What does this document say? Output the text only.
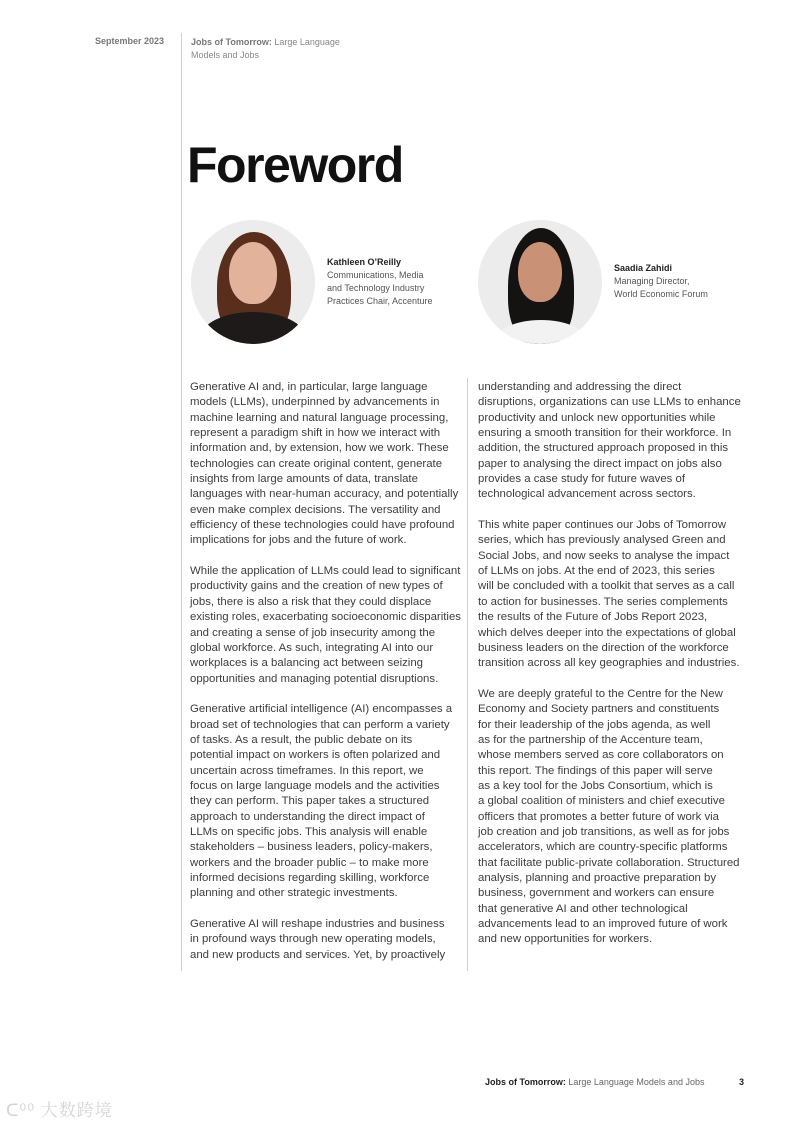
September 2023	Jobs of Tomorrow: Large Language
Models and Jobs
Foreword
Kathleen O’Reilly
Communications, Media
and Technology Industry
Practices Chair, Accenture
Saadia Zahidi
Managing Director,
World Economic Forum
Generative AI and, in particular, large language
models (LLMs), underpinned by advancements in
machine learning and natural language processing,
represent a paradigm shift in how we interact with
information and, by extension, how we work. These
technologies can create original content, generate
insights from large amounts of data, translate
languages with near-human accuracy, and potentially
even make complex decisions. The versatility and
efficiency of these technologies could have profound
implications for jobs and the future of work.
While the application of LLMs could lead to significant
productivity gains and the creation of new types of
jobs, there is also a risk that they could displace
existing roles, exacerbating socioeconomic disparities
and creating a sense of job insecurity among the
global workforce. As such, integrating AI into our
workplaces is a balancing act between seizing
opportunities and managing potential disruptions.
Generative artificial intelligence (AI) encompasses a
broad set of technologies that can perform a variety
of tasks. As a result, the public debate on its
potential impact on workers is often polarized and
uncertain across timeframes. In this report, we
focus on large language models and the activities
they can perform. This paper takes a structured
approach to understanding the direct impact of
LLMs on specific jobs. This analysis will enable
stakeholders – business leaders, policy-makers,
workers and the broader public – to make more
informed decisions regarding skilling, workforce
planning and other strategic investments.
Generative AI will reshape industries and business
in profound ways through new operating models,
and new products and services. Yet, by proactively
understanding and addressing the direct
disruptions, organizations can use LLMs to enhance
productivity and unlock new opportunities while
ensuring a smooth transition for their workforce. In
addition, the structured approach proposed in this
paper to analysing the direct impact on jobs also
provides a case study for future waves of
technological advancement across sectors.
This white paper continues our Jobs of Tomorrow
series, which has previously analysed Green and
Social Jobs, and now seeks to analyse the impact
of LLMs on jobs. At the end of 2023, this series
will be concluded with a toolkit that serves as a call
to action for businesses. The series complements
the results of the Future of Jobs Report 2023,
which delves deeper into the expectations of global
business leaders on the direction of the workforce
transition across all key geographies and industries.
We are deeply grateful to the Centre for the New
Economy and Society partners and constituents
for their leadership of the jobs agenda, as well
as for the partnership of the Accenture team,
whose members served as core collaborators on
this report. The findings of this paper will serve
as a key tool for the Jobs Consortium, which is
a global coalition of ministers and chief executive
officers that promotes a better future of work via
job creation and job transitions, as well as for jobs
accelerators, which are country-specific platforms
that facilitate public-private collaboration. Structured
analysis, planning and proactive preparation by
business, government and workers can ensure
that generative AI and other technological
advancements lead to an improved future of work
and new opportunities for workers.
Jobs of Tomorrow: Large Language Models and Jobs	3
ᑕ⁰⁰ 大数跨境
